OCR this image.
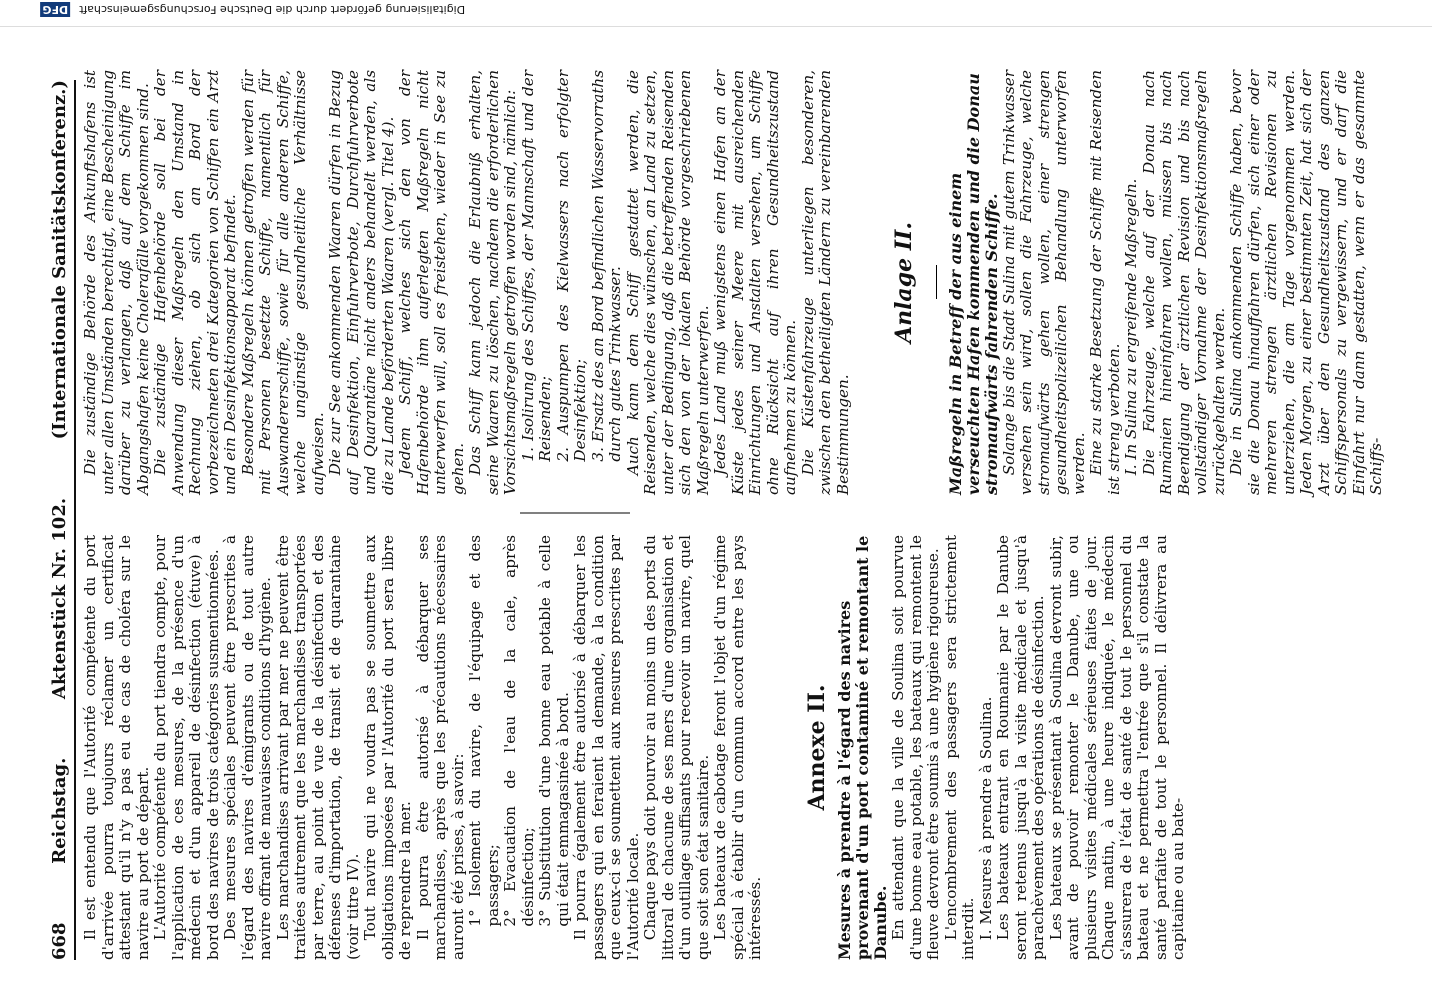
668
Reichstag.
Aktenstück Nr. 102.
(Internationale Sanitätskonferenz.)

Il est entendu que l'Autorité compétente du port d'arrivée pourra toujours réclamer un certificat attestant qu'il n'y a pas eu de cas de choléra sur le navire au port de départ. L'Autorité compétente du port tiendra compte, pour l'application de ces mesures, de la présence d'un médecin et d'un appareil de désinfection (étuve) à bord des navires de trois catégories susmentionnées. Des mesures spéciales peuvent être prescrites à l'égard des navires d'émigrants ou de tout autre navire offrant de mauvaises conditions d'hygiène. Les marchandises arrivant par mer ne peuvent être traitées autrement que les marchandises transportées par terre, au point de vue de la désinfection et des défenses d'importation, de transit et de quarantaine (voir titre IV). Tout navire qui ne voudra pas se soumettre aux obligations imposées par l'Autorité du port sera libre de reprendre la mer. Il pourra être autorisé à débarquer ses marchandises, après que les précautions nécessaires auront été prises, à savoir: 1° Isolement du navire, de l'équipage et des passagers; 2° Evacuation de l'eau de la cale, après désinfection; 3° Substitution d'une bonne eau potable à celle qui était emmagasinée à bord. Il pourra également être autorisé à débarquer les passagers qui en feraient la demande, à la condition que ceux-ci se soumettent aux mesures prescrites par l'Autorité locale. Chaque pays doit pourvoir au moins un des ports du littoral de chacune de ses mers d'une organisation et d'un outillage suffisants pour recevoir un navire, quel que soit son état sanitaire. Les bateaux de cabotage feront l'objet d'un régime spécial à établir d'un commun accord entre les pays intéressés.

Annexe II. Mesures à prendre à l'égard des navires provenant d'un port contaminé et remontant le Danube. En attendant que la ville de Soulina soit pourvue d'une bonne eau potable, les bateaux qui remontent le fleuve devront être soumis à une hygiène rigoureuse. L'encombrement des passagers sera strictement interdit. I. Mesures à prendre à Soulina. Les bateaux entrant en Roumanie par le Danube seront retenus jusqu'à la visite médicale et jusqu'à parachèvement des opérations de désinfection. Les bateaux se présentant à Soulina devront subir, avant de pouvoir remonter le Danube, une ou plusieurs visites médicales sérieuses faites de jour. Chaque matin, à une heure indiquée, le médecin s'assurera de l'état de santé de tout le personnel du bateau et ne permettra l'entrée que s'il constate la santé parfaite de tout le personnel. Il délivrera au capitaine ou au bate-

Die zuständige Behörde des Ankunftshafens ist unter allen Umständen berechtigt, eine Bescheinigung darüber zu verlangen, daß auf dem Schiffe im Abgangshafen keine Cholerafälle vorgekommen sind. Die zuständige Hafenbehörde soll bei der Anwendung dieser Maßregeln den Umstand in Rechnung ziehen, ob sich an Bord der vorbezeichneten drei Kategorien von Schiffen ein Arzt und ein Desinfektionsapparat befindet. Besondere Maßregeln können getroffen werden für mit Personen besetzte Schiffe, namentlich für Auswandererschiffe, sowie für alle anderen Schiffe, welche ungünstige gesundheitliche Verhältnisse aufweisen. Die zur See ankommenden Waaren dürfen in Bezug auf Desinfektion, Einfuhrverbote, Durchfuhrverbote und Quarantäne nicht anders behandelt werden, als die zu Lande beförderten Waaren (vergl. Titel 4). Jedem Schiff, welches sich den von der Hafenbehörde ihm auferlegten Maßregeln nicht unterwerfen will, soll es freistehen, wieder in See zu gehen. Das Schiff kann jedoch die Erlaubniß erhalten, seine Waaren zu löschen, nachdem die erforderlichen Vorsichtsmaßregeln getroffen worden sind, nämlich: 1. Isolirung des Schiffes, der Mannschaft und der Reisenden; 2. Auspumpen des Kielwassers nach erfolgter Desinfektion; 3. Ersatz des an Bord befindlichen Wasservorraths durch gutes Trinkwasser. Auch kann dem Schiff gestattet werden, die Reisenden, welche dies wünschen, an Land zu setzen, unter der Bedingung, daß die betreffenden Reisenden sich den von der lokalen Behörde vorgeschriebenen Maßregeln unterwerfen. Jedes Land muß wenigstens einen Hafen an der Küste jedes seiner Meere mit ausreichenden Einrichtungen und Anstalten versehen, um Schiffe ohne Rücksicht auf ihren Gesundheitszustand aufnehmen zu können. Die Küstenfahrzeuge unterliegen besonderen, zwischen den betheiligten Ländern zu vereinbarenden Bestimmungen.

Anlage II. Maßregeln in Betreff der aus einem verseuchten Hafen kommenden und die Donau stromaufwärts fahrenden Schiffe. Solange bis die Stadt Sulina mit gutem Trinkwasser versehen sein wird, sollen die Fahrzeuge, welche stromaufwärts gehen wollen, einer strengen gesundheitspolizeilichen Behandlung unterworfen werden. Eine zu starke Besetzung der Schiffe mit Reisenden ist streng verboten. I. In Sulina zu ergreifende Maßregeln. Die Fahrzeuge, welche auf der Donau nach Rumänien hineinfahren wollen, müssen bis nach Beendigung der ärztlichen Revision und bis nach vollständiger Vornahme der Desinfektionsmaßregeln zurückgehalten werden. Die in Sulina ankommenden Schiffe haben, bevor sie die Donau hinauffahren dürfen, sich einer oder mehreren strengen ärztlichen Revisionen zu unterziehen, die am Tage vorgenommen werden. Jeden Morgen, zu einer bestimmten Zeit, hat sich der Arzt über den Gesundheitszustand des ganzen Schiffspersonals zu vergewissern, und er darf die Einfahrt nur dann gestatten, wenn er das gesammte Schiffs-

Digitalisierung gefördert durch die Deutsche Forschungsgemeinschaft DFG
